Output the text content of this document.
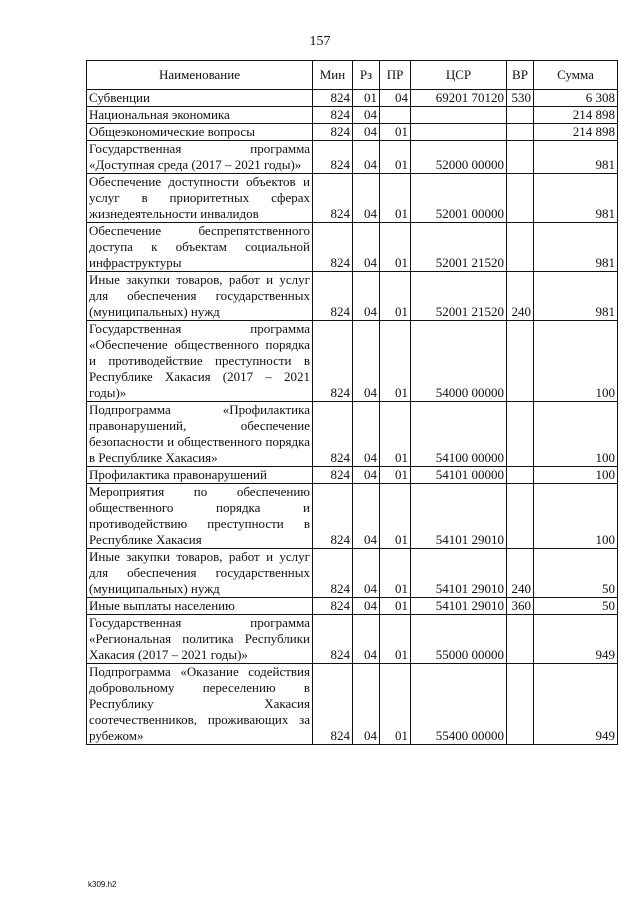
157
Наименование	Мин	Рз	ПР	ЦСР	ВР	Сумма
Субвенции	824	01	04	69201 70120	530	6 308
Национальная экономика	824	04				214 898
Общеэкономические вопросы	824	04	01			214 898
Государственная программа «Доступная среда (2017 – 2021 годы)»	824	04	01	52000 00000		981
Обеспечение доступности объектов и услуг в приоритетных сферах жизнедеятельности инвалидов	824	04	01	52001 00000		981
Обеспечение беспрепятственного доступа к объектам социальной инфраструктуры	824	04	01	52001 21520		981
Иные закупки товаров, работ и услуг для обеспечения государственных (муниципальных) нужд	824	04	01	52001 21520	240	981
Государственная программа «Обеспечение общественного порядка и противодействие преступности в Республике Хакасия (2017 – 2021 годы)»	824	04	01	54000 00000		100
Подпрограмма «Профилактика правонарушений, обеспечение безопасности и общественного порядка в Республике Хакасия»	824	04	01	54100 00000		100
Профилактика правонарушений	824	04	01	54101 00000		100
Мероприятия по обеспечению общественного порядка и противодействию преступности в Республике Хакасия	824	04	01	54101 29010		100
Иные закупки товаров, работ и услуг для обеспечения государственных (муниципальных) нужд	824	04	01	54101 29010	240	50
Иные выплаты населению	824	04	01	54101 29010	360	50
Государственная программа «Региональная политика Республики Хакасия (2017 – 2021 годы)»	824	04	01	55000 00000		949
Подпрограмма «Оказание содействия добровольному переселению в Республику Хакасия соотечественников, проживающих за рубежом»	824	04	01	55400 00000		949
k309.h2
